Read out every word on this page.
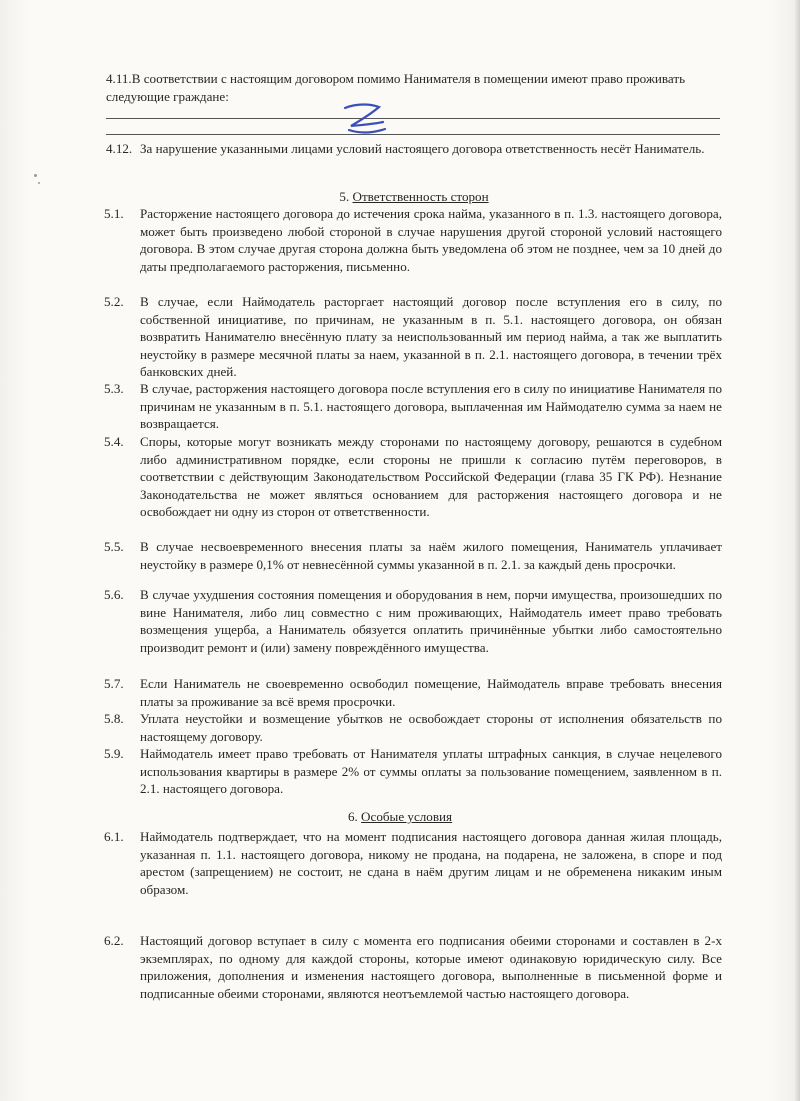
4.11.В соответствии с настоящим договором помимо Нанимателя в помещении имеют право проживать следующие граждане:
4.12. За нарушение указанными лицами условий настоящего договора ответственность несёт Наниматель.
5. Ответственность сторон
5.1. Расторжение настоящего договора до истечения срока найма, указанного в п. 1.3. настоящего договора, может быть произведено любой стороной в случае нарушения другой стороной условий настоящего договора. В этом случае другая сторона должна быть уведомлена об этом не позднее, чем за 10 дней до даты предполагаемого расторжения, письменно.
5.2. В случае, если Наймодатель расторгает настоящий договор после вступления его в силу, по собственной инициативе, по причинам, не указанным в п. 5.1. настоящего договора, он обязан возвратить Нанимателю внесённую плату за неиспользованный им период найма, а так же выплатить неустойку в размере месячной платы за наем, указанной в п. 2.1. настоящего договора, в течении трёх банковских дней.
5.3. В случае, расторжения настоящего договора после вступления его в силу по инициативе Нанимателя по причинам не указанным в п. 5.1. настоящего договора, выплаченная им Наймодателю сумма за наем не возвращается.
5.4. Споры, которые могут возникать между сторонами по настоящему договору, решаются в судебном либо административном порядке, если стороны не пришли к согласию путём переговоров, в соответствии с действующим Законодательством Российской Федерации (глава 35 ГК РФ). Незнание Законодательства не может являться основанием для расторжения настоящего договора и не освобождает ни одну из сторон от ответственности.
5.5. В случае несвоевременного внесения платы за наём жилого помещения, Наниматель уплачивает неустойку в размере 0,1% от невнесённой суммы указанной в п. 2.1. за каждый день просрочки.
5.6. В случае ухудшения состояния помещения и оборудования в нем, порчи имущества, произошедших по вине Нанимателя, либо лиц совместно с ним проживающих, Наймодатель имеет право требовать возмещения ущерба, а Наниматель обязуется оплатить причинённые убытки либо самостоятельно производит ремонт и (или) замену повреждённого имущества.
5.7. Если Наниматель не своевременно освободил помещение, Наймодатель вправе требовать внесения платы за проживание за всё время просрочки.
5.8. Уплата неустойки и возмещение убытков не освобождает стороны от исполнения обязательств по настоящему договору.
5.9. Наймодатель имеет право требовать от Нанимателя уплаты штрафных санкция, в случае нецелевого использования квартиры в размере 2% от суммы оплаты за пользование помещением, заявленном в п. 2.1. настоящего договора.
6. Особые условия
6.1. Наймодатель подтверждает, что на момент подписания настоящего договора данная жилая площадь, указанная п. 1.1. настоящего договора, никому не продана, на подарена, не заложена, в споре и под арестом (запрещением) не состоит, не сдана в наём другим лицам и не обременена никаким иным образом.
6.2. Настоящий договор вступает в силу с момента его подписания обеими сторонами и составлен в 2-х экземплярах, по одному для каждой стороны, которые имеют одинаковую юридическую силу. Все приложения, дополнения и изменения настоящего договора, выполненные в письменной форме и подписанные обеими сторонами, являются неотъемлемой частью настоящего договора.
